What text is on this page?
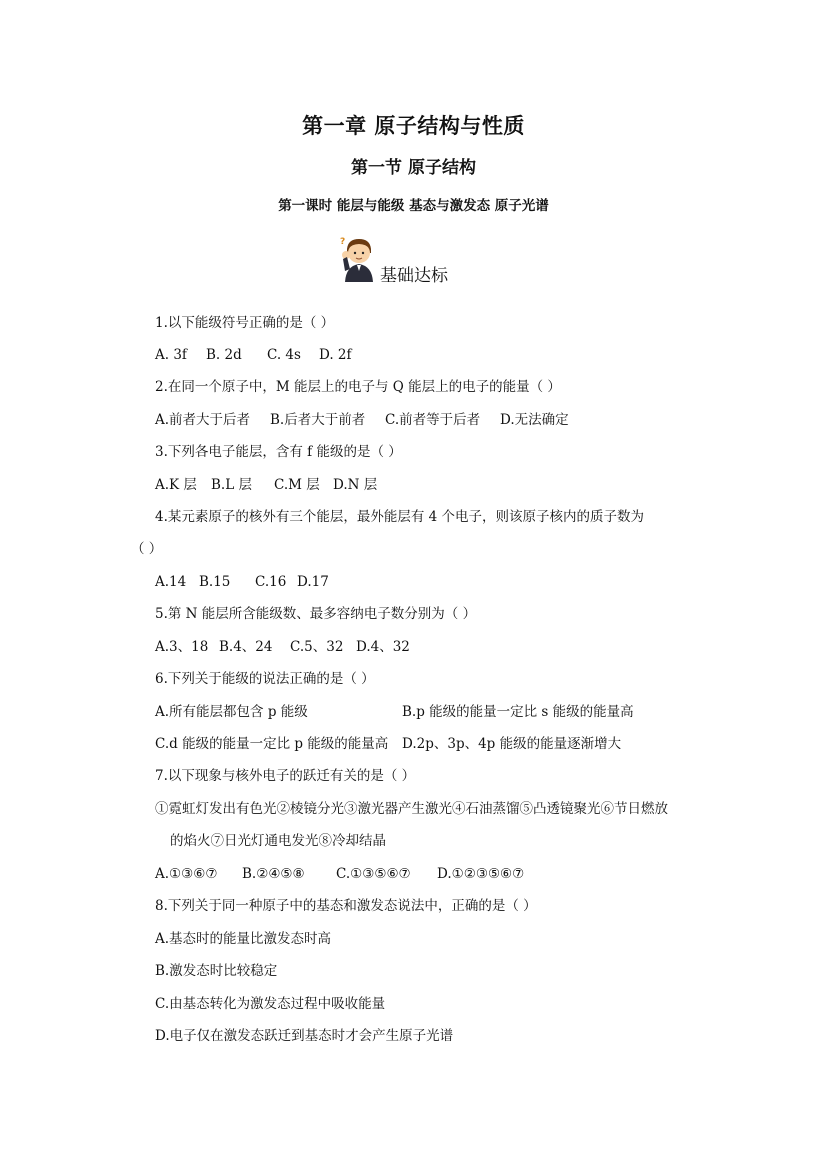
第一章 原子结构与性质
第一节 原子结构
第一课时 能层与能级 基态与激发态 原子光谱
?
基础达标
1.以下能级符号正确的是（ ）
A. 3f B. 2d C. 4s D. 2f
2.在同一个原子中，M 能层上的电子与 Q 能层上的电子的能量（ ）
A.前者大于后者 B.后者大于前者 C.前者等于后者 D.无法确定
3.下列各电子能层，含有 f 能级的是（ ）
A.K 层 B.L 层 C.M 层 D.N 层
4.某元素原子的核外有三个能层，最外能层有 4 个电子，则该原子核内的质子数为
（ ）
A.14 B.15 C.16 D.17
5.第 N 能层所含能级数、最多容纳电子数分别为（ ）
A.3、18 B.4、24 C.5、32 D.4、32
6.下列关于能级的说法正确的是（ ）
A.所有能层都包含 p 能级	B.p 能级的能量一定比 s 能级的能量高
C.d 能级的能量一定比 p 能级的能量高 D.2p、3p、4p 能级的能量逐渐增大
7.以下现象与核外电子的跃迁有关的是（ ）
①霓虹灯发出有色光②棱镜分光③激光器产生激光④石油蒸馏⑤凸透镜聚光⑥节日燃放
的焰火⑦日光灯通电发光⑧冷却结晶
A.①③⑥⑦ B.②④⑤⑧ C.①③⑤⑥⑦ D.①②③⑤⑥⑦
8.下列关于同一种原子中的基态和激发态说法中，正确的是（ ）
A.基态时的能量比激发态时高
B.激发态时比较稳定
C.由基态转化为激发态过程中吸收能量
D.电子仅在激发态跃迁到基态时才会产生原子光谱
